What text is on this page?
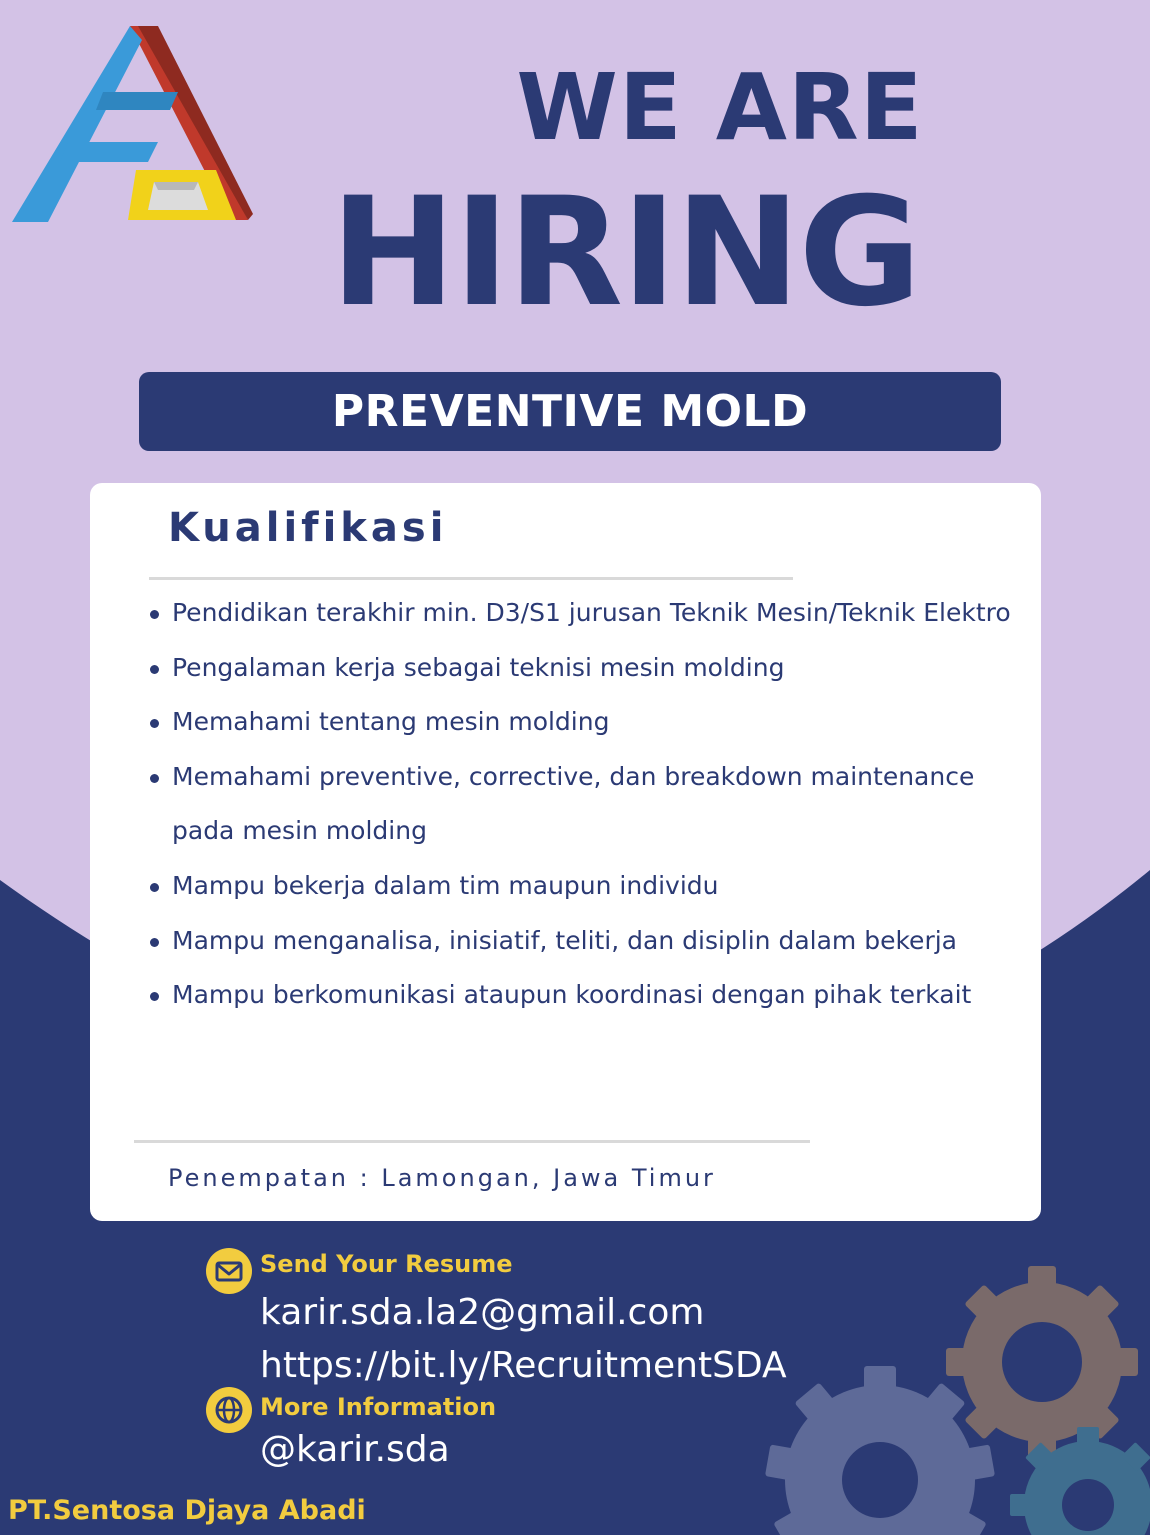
WE ARE
HIRING
PREVENTIVE MOLD
Kualifikasi
Pendidikan terakhir min. D3/S1 jurusan Teknik Mesin/Teknik Elektro
Pengalaman kerja sebagai teknisi mesin molding
Memahami tentang mesin molding
Memahami preventive, corrective, dan breakdown maintenance pada mesin molding
Mampu bekerja dalam tim maupun individu
Mampu menganalisa, inisiatif, teliti, dan disiplin dalam bekerja
Mampu berkomunikasi ataupun koordinasi dengan pihak terkait
Penempatan : Lamongan, Jawa Timur
Send Your Resume
karir.sda.la2@gmail.com
https://bit.ly/RecruitmentSDA
More Information
@karir.sda
PT.Sentosa Djaya Abadi
